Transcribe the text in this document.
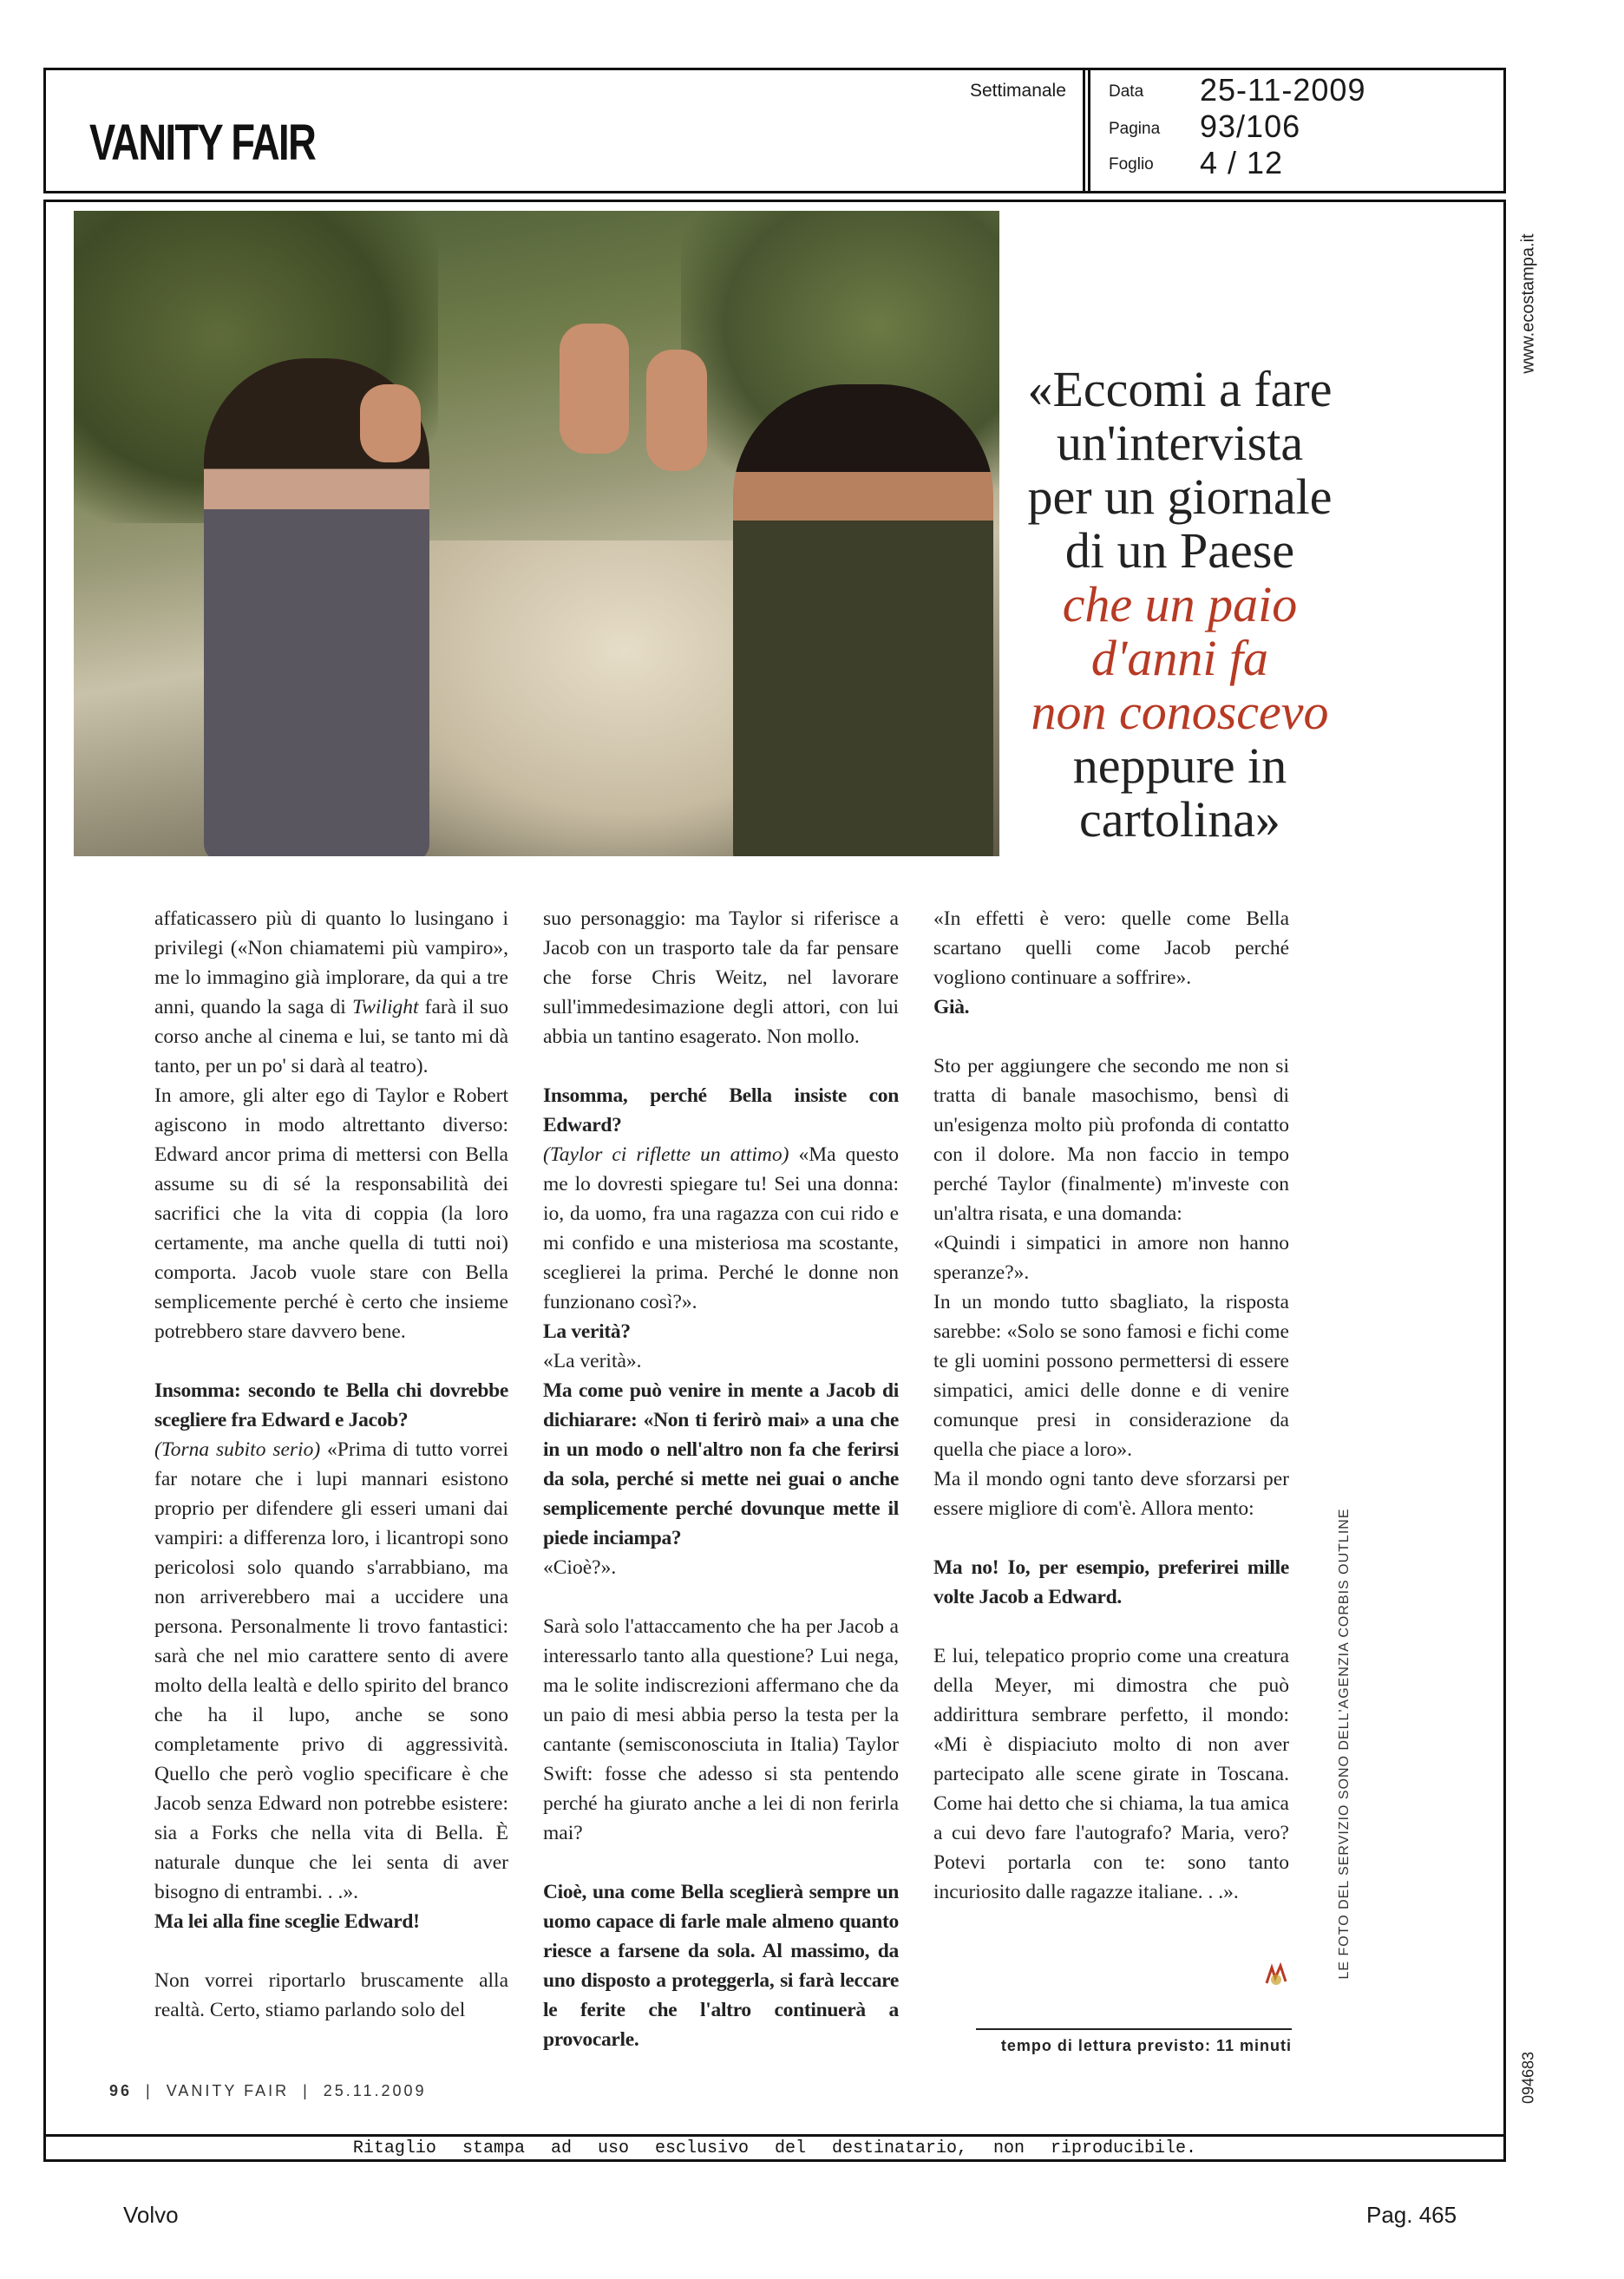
VANITY FAIR
Settimanale	Data 25-11-2009
Pagina 93/106
Foglio 4 / 12
www.ecostampa.it
094683
«Eccomi a fare
un'intervista
per un giornale
di un Paese
che un paio
d'anni fa
non conoscevo
neppure in
cartolina»

affaticassero più di quanto lo lusingano i privilegi («Non chiamatemi più vampiro», me lo immagino già implorare, da qui a tre anni, quando la saga di Twilight farà il suo corso anche al cinema e lui, se tanto mi dà tanto, per un po' si darà al teatro).

In amore, gli alter ego di Taylor e Robert agiscono in modo altrettanto diverso: Edward ancor prima di mettersi con Bella assume su di sé la responsabilità dei sacrifici che la vita di coppia (la loro certamente, ma anche quella di tutti noi) comporta. Jacob vuole stare con Bella semplicemente perché è certo che insieme potrebbero stare davvero bene.

Insomma: secondo te Bella chi dovrebbe scegliere fra Edward e Jacob?

(Torna subito serio) «Prima di tutto vorrei far notare che i lupi mannari esistono proprio per difendere gli esseri umani dai vampiri: a differenza loro, i licantropi sono pericolosi solo quando s'arrabbiano, ma non arriverebbero mai a uccidere una persona. Personalmente li trovo fantastici: sarà che nel mio carattere sento di avere molto della lealtà e dello spirito del branco che ha il lupo, anche se sono completamente privo di aggressività. Quello che però voglio specificare è che Jacob senza Edward non potrebbe esistere: sia a Forks che nella vita di Bella. È naturale dunque che lei senta di aver bisogno di entrambi. . .».

Ma lei alla fine sceglie Edward!

Non vorrei riportarlo bruscamente alla realtà. Certo, stiamo parlando solo del

suo personaggio: ma Taylor si riferisce a Jacob con un trasporto tale da far pensare che forse Chris Weitz, nel lavorare sull'immedesimazione degli attori, con lui abbia un tantino esagerato. Non mollo.

Insomma, perché Bella insiste con Edward?

(Taylor ci riflette un attimo) «Ma questo me lo dovresti spiegare tu! Sei una donna: io, da uomo, fra una ragazza con cui rido e mi confido e una misteriosa ma scostante, sceglierei la prima. Perché le donne non funzionano così?».

La verità?

«La verità».

Ma come può venire in mente a Jacob di dichiarare: «Non ti ferirò mai» a una che in un modo o nell'altro non fa che ferirsi da sola, perché si mette nei guai o anche semplicemente perché dovunque mette il piede inciampa?

«Cioè?».

Sarà solo l'attaccamento che ha per Jacob a interessarlo tanto alla questione? Lui nega, ma le solite indiscrezioni affermano che da un paio di mesi abbia perso la testa per la cantante (semisconosciuta in Italia) Taylor Swift: fosse che adesso si sta pentendo perché ha giurato anche a lei di non ferirla mai?

Cioè, una come Bella sceglierà sempre un uomo capace di farle male almeno quanto riesce a farsene da sola. Al massimo, da uno disposto a proteggerla, si farà leccare le ferite che l'altro continuerà a provocarle.

«In effetti è vero: quelle come Bella scartano quelli come Jacob perché vogliono continuare a soffrire».

Già.

Sto per aggiungere che secondo me non si tratta di banale masochismo, bensì di un'esigenza molto più profonda di contatto con il dolore. Ma non faccio in tempo perché Taylor (finalmente) m'investe con un'altra risata, e una domanda:

«Quindi i simpatici in amore non hanno speranze?».

In un mondo tutto sbagliato, la risposta sarebbe: «Solo se sono famosi e fichi come te gli uomini possono permettersi di essere simpatici, amici delle donne e di venire comunque presi in considerazione da quella che piace a loro».

Ma il mondo ogni tanto deve sforzarsi per essere migliore di com'è. Allora mento:

Ma no! Io, per esempio, preferirei mille volte Jacob a Edward.

E lui, telepatico proprio come una creatura della Meyer, mi dimostra che può addirittura sembrare perfetto, il mondo: «Mi è dispiaciuto molto di non aver partecipato alle scene girate in Toscana. Come hai detto che si chiama, la tua amica a cui devo fare l'autografo? Maria, vero? Potevi portarla con te: sono tanto incuriosito dalle ragazze italiane. . .».	LE FOTO DEL SERVIZIO SONO DELL'AGENZIA CORBIS OUTLINE
tempo di lettura previsto: 11 minuti
96 |  VANITY FAIR  |  25.11.2009
Ritaglio stampa ad uso esclusivo del destinatario, non riproducibile.
Volvo	Pag. 465
